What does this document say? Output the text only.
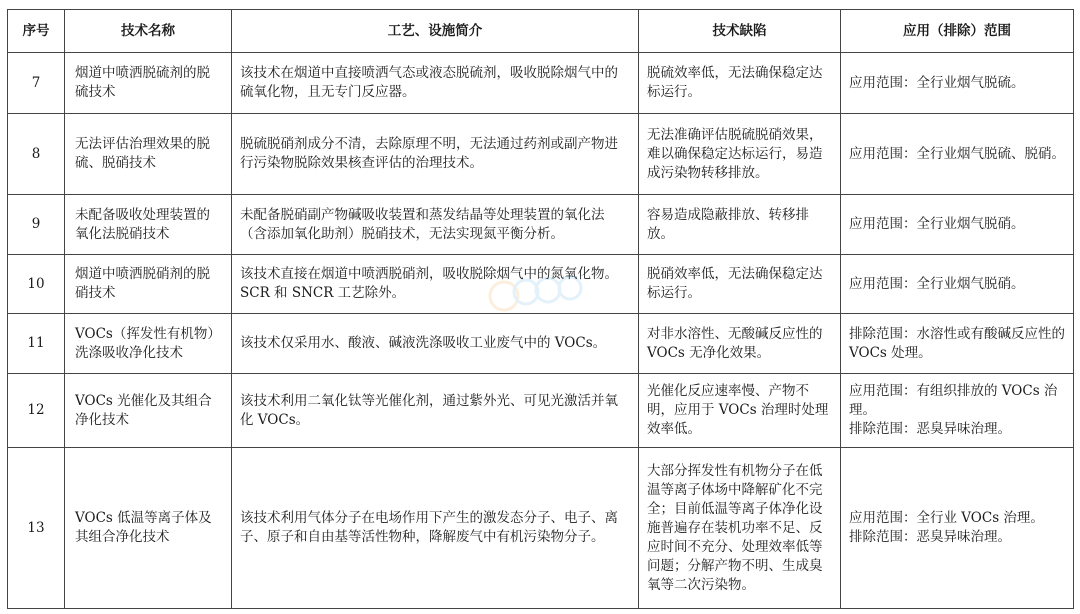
序号	技术名称	工艺、设施简介	技术缺陷	应用（排除）范围
7	烟道中喷洒脱硫剂的脱硫技术	该技术在烟道中直接喷洒气态或液态脱硫剂，吸收脱除烟气中的硫氧化物，且无专门反应器。	脱硫效率低，无法确保稳定达标运行。	应用范围：全行业烟气脱硫。
8	无法评估治理效果的脱硫、脱硝技术	脱硫脱硝剂成分不清，去除原理不明，无法通过药剂或副产物进行污染物脱除效果核查评估的治理技术。	无法准确评估脱硫脱硝效果，难以确保稳定达标运行，易造成污染物转移排放。	应用范围：全行业烟气脱硫、脱硝。
9	未配备吸收处理装置的氧化法脱硝技术	未配备脱硝副产物碱吸收装置和蒸发结晶等处理装置的氧化法（含添加氧化助剂）脱硝技术，无法实现氮平衡分析。	容易造成隐蔽排放、转移排放。	应用范围：全行业烟气脱硝。
10	烟道中喷洒脱硝剂的脱硝技术	该技术直接在烟道中喷洒脱硝剂，吸收脱除烟气中的氮氧化物。SCR 和 SNCR 工艺除外。	脱硝效率低，无法确保稳定达标运行。	应用范围：全行业烟气脱硝。
11	VOCs（挥发性有机物）洗涤吸收净化技术	该技术仅采用水、酸液、碱液洗涤吸收工业废气中的 VOCs。	对非水溶性、无酸碱反应性的 VOCs 无净化效果。	排除范围：水溶性或有酸碱反应性的 VOCs 处理。
12	VOCs 光催化及其组合净化技术	该技术利用二氧化钛等光催化剂，通过紫外光、可见光激活并氧化 VOCs。	光催化反应速率慢、产物不明，应用于 VOCs 治理时处理效率低。	应用范围：有组织排放的 VOCs 治理。
排除范围：恶臭异味治理。
13	VOCs 低温等离子体及其组合净化技术	该技术利用气体分子在电场作用下产生的激发态分子、电子、离子、原子和自由基等活性物种，降解废气中有机污染物分子。	大部分挥发性有机物分子在低温等离子体场中降解矿化不完全；目前低温等离子体净化设施普遍存在装机功率不足、反应时间不充分、处理效率低等问题；分解产物不明、生成臭氧等二次污染物。	应用范围：全行业 VOCs 治理。
排除范围：恶臭异味治理。
